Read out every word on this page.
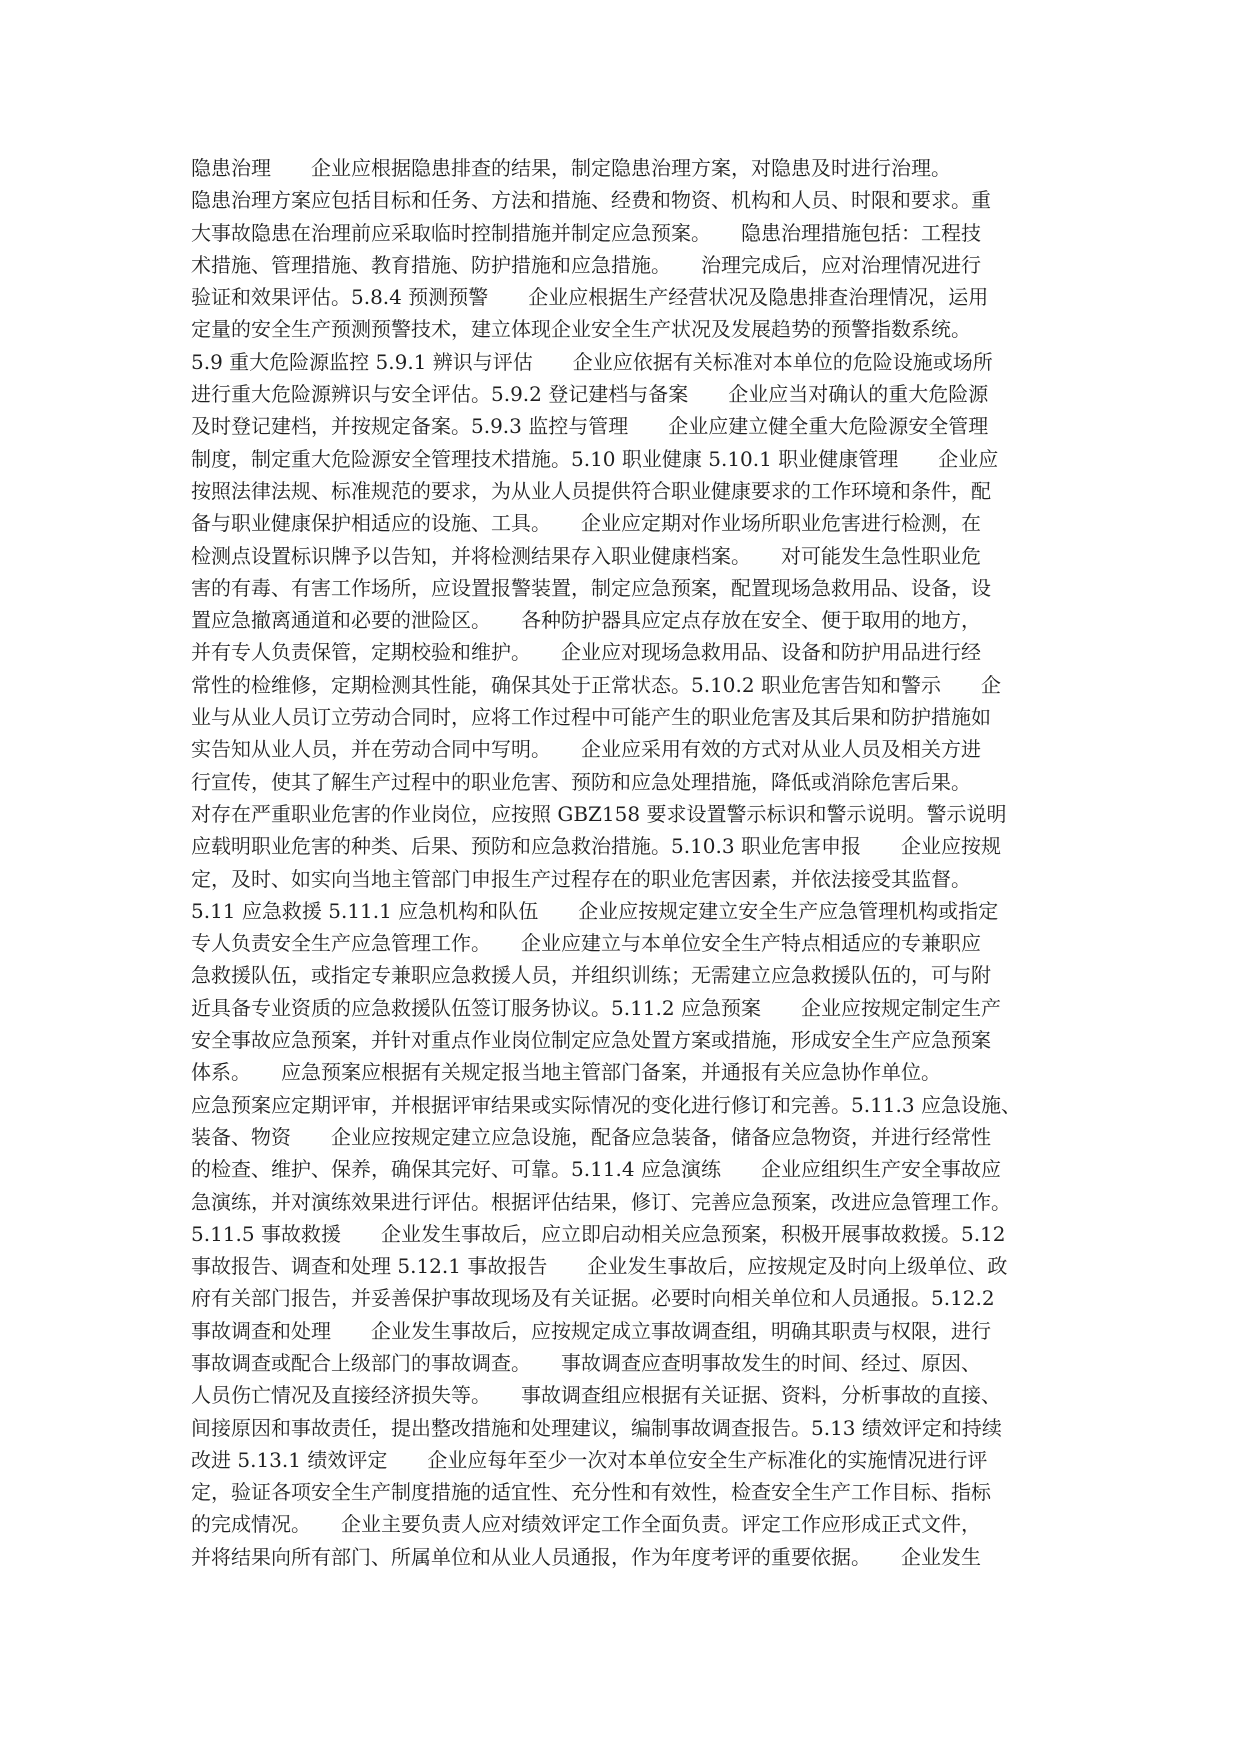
隐患治理　　企业应根据隐患排查的结果，制定隐患治理方案，对隐患及时进行治理。
隐患治理方案应包括目标和任务、方法和措施、经费和物资、机构和人员、时限和要求。重
大事故隐患在治理前应采取临时控制措施并制定应急预案。　　隐患治理措施包括：工程技
术措施、管理措施、教育措施、防护措施和应急措施。　　治理完成后，应对治理情况进行
验证和效果评估。5.8.4 预测预警　　企业应根据生产经营状况及隐患排查治理情况，运用
定量的安全生产预测预警技术，建立体现企业安全生产状况及发展趋势的预警指数系统。
5.9 重大危险源监控 5.9.1 辨识与评估　　企业应依据有关标准对本单位的危险设施或场所
进行重大危险源辨识与安全评估。5.9.2 登记建档与备案　　企业应当对确认的重大危险源
及时登记建档，并按规定备案。5.9.3 监控与管理　　企业应建立健全重大危险源安全管理
制度，制定重大危险源安全管理技术措施。5.10 职业健康 5.10.1 职业健康管理　　企业应
按照法律法规、标准规范的要求，为从业人员提供符合职业健康要求的工作环境和条件，配
备与职业健康保护相适应的设施、工具。　　企业应定期对作业场所职业危害进行检测，在
检测点设置标识牌予以告知，并将检测结果存入职业健康档案。　　对可能发生急性职业危
害的有毒、有害工作场所，应设置报警装置，制定应急预案，配置现场急救用品、设备，设
置应急撤离通道和必要的泄险区。　　各种防护器具应定点存放在安全、便于取用的地方，
并有专人负责保管，定期校验和维护。　　企业应对现场急救用品、设备和防护用品进行经
常性的检维修，定期检测其性能，确保其处于正常状态。5.10.2 职业危害告知和警示　　企
业与从业人员订立劳动合同时，应将工作过程中可能产生的职业危害及其后果和防护措施如
实告知从业人员，并在劳动合同中写明。　　企业应采用有效的方式对从业人员及相关方进
行宣传，使其了解生产过程中的职业危害、预防和应急处理措施，降低或消除危害后果。
对存在严重职业危害的作业岗位，应按照 GBZ158 要求设置警示标识和警示说明。警示说明
应载明职业危害的种类、后果、预防和应急救治措施。5.10.3 职业危害申报　　企业应按规
定，及时、如实向当地主管部门申报生产过程存在的职业危害因素，并依法接受其监督。
5.11 应急救援 5.11.1 应急机构和队伍　　企业应按规定建立安全生产应急管理机构或指定
专人负责安全生产应急管理工作。　　企业应建立与本单位安全生产特点相适应的专兼职应
急救援队伍，或指定专兼职应急救援人员，并组织训练；无需建立应急救援队伍的，可与附
近具备专业资质的应急救援队伍签订服务协议。5.11.2 应急预案　　企业应按规定制定生产
安全事故应急预案，并针对重点作业岗位制定应急处置方案或措施，形成安全生产应急预案
体系。　　应急预案应根据有关规定报当地主管部门备案，并通报有关应急协作单位。
应急预案应定期评审，并根据评审结果或实际情况的变化进行修订和完善。5.11.3 应急设施、
装备、物资　　企业应按规定建立应急设施，配备应急装备，储备应急物资，并进行经常性
的检查、维护、保养，确保其完好、可靠。5.11.4 应急演练　　企业应组织生产安全事故应
急演练，并对演练效果进行评估。根据评估结果，修订、完善应急预案，改进应急管理工作。
5.11.5 事故救援　　企业发生事故后，应立即启动相关应急预案，积极开展事故救援。5.12
事故报告、调查和处理 5.12.1 事故报告　　企业发生事故后，应按规定及时向上级单位、政
府有关部门报告，并妥善保护事故现场及有关证据。必要时向相关单位和人员通报。5.12.2
事故调查和处理　　企业发生事故后，应按规定成立事故调查组，明确其职责与权限，进行
事故调查或配合上级部门的事故调查。　　事故调查应查明事故发生的时间、经过、原因、
人员伤亡情况及直接经济损失等。　　事故调查组应根据有关证据、资料，分析事故的直接、
间接原因和事故责任，提出整改措施和处理建议，编制事故调查报告。5.13 绩效评定和持续
改进 5.13.1 绩效评定　　企业应每年至少一次对本单位安全生产标准化的实施情况进行评
定，验证各项安全生产制度措施的适宜性、充分性和有效性，检查安全生产工作目标、指标
的完成情况。　　企业主要负责人应对绩效评定工作全面负责。评定工作应形成正式文件，
并将结果向所有部门、所属单位和从业人员通报，作为年度考评的重要依据。　　企业发生
